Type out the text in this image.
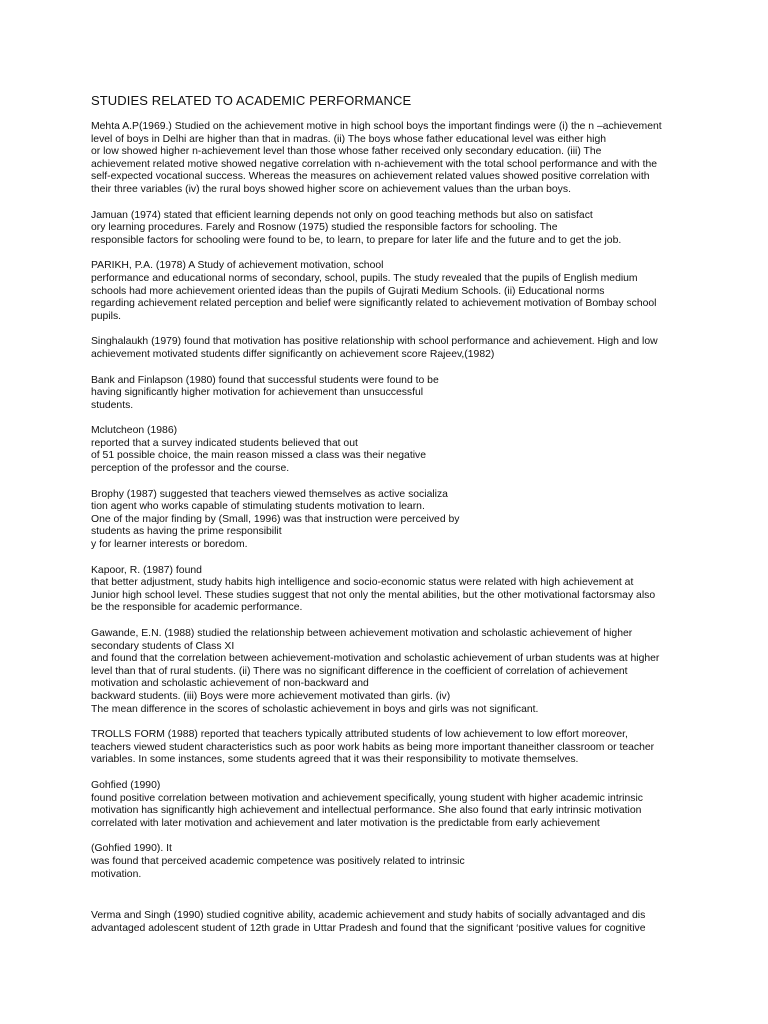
STUDIES RELATED TO ACADEMIC PERFORMANCE
Mehta A.P(1969.) Studied on the achievement motive in high school boys the important findings were (i) the n –achievement
level of boys in Delhi are higher than that in madras. (ii) The boys whose father educational level was either high
or low showed higher n-achievement level than those whose father received only secondary education. (iii) The
achievement related motive showed negative correlation with n-achievement with the total school performance and with the
self-expected vocational success. Whereas the measures on achievement related values showed positive correlation with
their three variables (iv) the rural boys showed higher score on achievement values than the urban boys.
Jamuan (1974) stated that efficient learning depends not only on good teaching methods but also on satisfact
ory learning procedures. Farely and Rosnow (1975) studied the responsible factors for schooling. The
responsible factors for schooling were found to be, to learn, to prepare for later life and the future and to get the job.
PARIKH, P.A. (1978) A Study of achievement motivation, school
performance and educational norms of secondary, school, pupils. The study revealed that the pupils of English medium
schools had more achievement oriented ideas than the pupils of Gujrati Medium Schools. (ii) Educational norms
regarding achievement related perception and belief were significantly related to achievement motivation of Bombay school
pupils.
Singhalaukh (1979) found that motivation has positive relationship with school performance and achievement. High and low
achievement motivated students differ significantly on achievement score Rajeev,(1982)
Bank and Finlapson (1980) found that successful students were found to be
having significantly higher motivation for achievement than unsuccessful
students.
Mclutcheon (1986)
reported that a survey indicated students believed that out
of 51 possible choice, the main reason missed a class was their negative
perception of the professor and the course.
Brophy (1987) suggested that teachers viewed themselves as active socializa
tion agent who works capable of stimulating students motivation to learn.
One of the major finding by (Small, 1996) was that instruction were perceived by
students as having the prime responsibilit
y for learner interests or boredom.
Kapoor, R. (1987) found
that better adjustment, study habits high intelligence and socio-economic status were related with high achievement at
Junior high school level. These studies suggest that not only the mental abilities, but the other motivational factorsmay also
be the responsible for academic performance.
Gawande, E.N. (1988) studied the relationship between achievement motivation and scholastic achievement of higher
secondary students of Class XI
and found that the correlation between achievement-motivation and scholastic achievement of urban students was at higher
level than that of rural students. (ii) There was no significant difference in the coefficient of correlation of achievement
motivation and scholastic achievement of non-backward and
backward students. (iii) Boys were more achievement motivated than girls. (iv)
The mean difference in the scores of scholastic achievement in boys and girls was not significant.
TROLLS FORM (1988) reported that teachers typically attributed students of low achievement to low effort moreover,
teachers viewed student characteristics such as poor work habits as being more important thaneither classroom or teacher
variables. In some instances, some students agreed that it was their responsibility to motivate themselves.
Gohfied (1990)
found positive correlation between motivation and achievement specifically, young student with higher academic intrinsic
motivation has significantly high achievement and intellectual performance. She also found that early intrinsic motivation
correlated with later motivation and achievement and later motivation is the predictable from early achievement
(Gohfied 1990). It
was found that perceived academic competence was positively related to intrinsic
motivation.
Verma and Singh (1990) studied cognitive ability, academic achievement and study habits of socially advantaged and dis
advantaged adolescent student of 12th grade in Uttar Pradesh and found that the significant ‘positive values for cognitive
